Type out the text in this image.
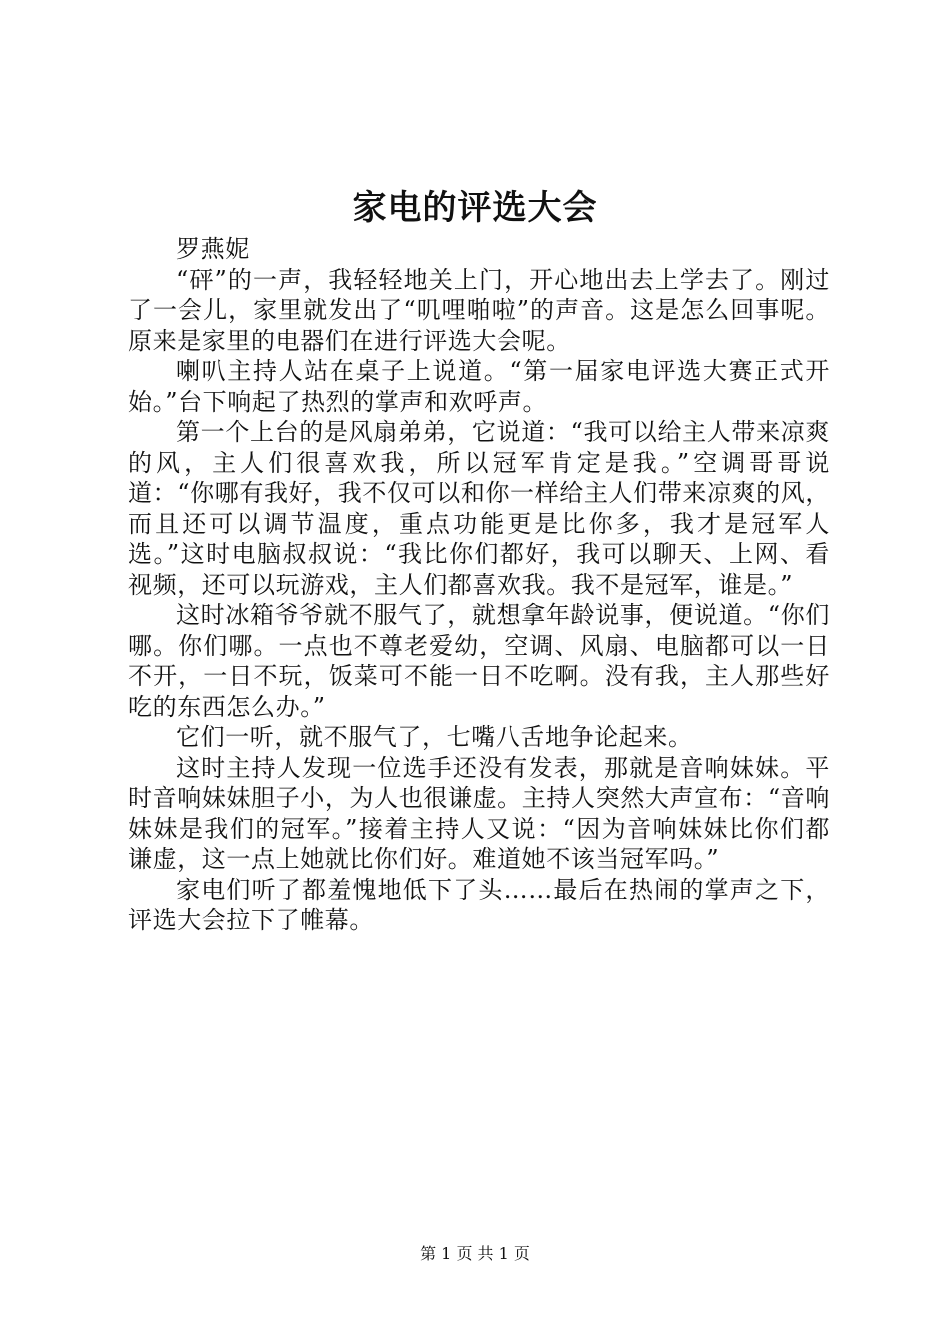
家电的评选大会

罗燕妮

“砰”的一声，我轻轻地关上门，开心地出去上学去了。刚过了一会儿，家里就发出了“叽哩啪啦”的声音。这是怎么回事呢。原来是家里的电器们在进行评选大会呢。

喇叭主持人站在桌子上说道。“第一届家电评选大赛正式开始。”台下响起了热烈的掌声和欢呼声。

第一个上台的是风扇弟弟，它说道：“我可以给主人带来凉爽的风，主人们很喜欢我，所以冠军肯定是我。”空调哥哥说道：“你哪有我好，我不仅可以和你一样给主人们带来凉爽的风，而且还可以调节温度，重点功能更是比你多，我才是冠军人选。”这时电脑叔叔说：“我比你们都好，我可以聊天、上网、看视频，还可以玩游戏，主人们都喜欢我。我不是冠军，谁是。”

这时冰箱爷爷就不服气了，就想拿年龄说事，便说道。“你们哪。你们哪。一点也不尊老爱幼，空调、风扇、电脑都可以一日不开，一日不玩，饭菜可不能一日不吃啊。没有我，主人那些好吃的东西怎么办。”

它们一听，就不服气了，七嘴八舌地争论起来。

这时主持人发现一位选手还没有发表，那就是音响妹妹。平时音响妹妹胆子小，为人也很谦虚。主持人突然大声宣布：“音响妹妹是我们的冠军。”接着主持人又说：“因为音响妹妹比你们都谦虚，这一点上她就比你们好。难道她不该当冠军吗。”

家电们听了都羞愧地低下了头……最后在热闹的掌声之下，评选大会拉下了帷幕。

第 1 页 共 1 页
